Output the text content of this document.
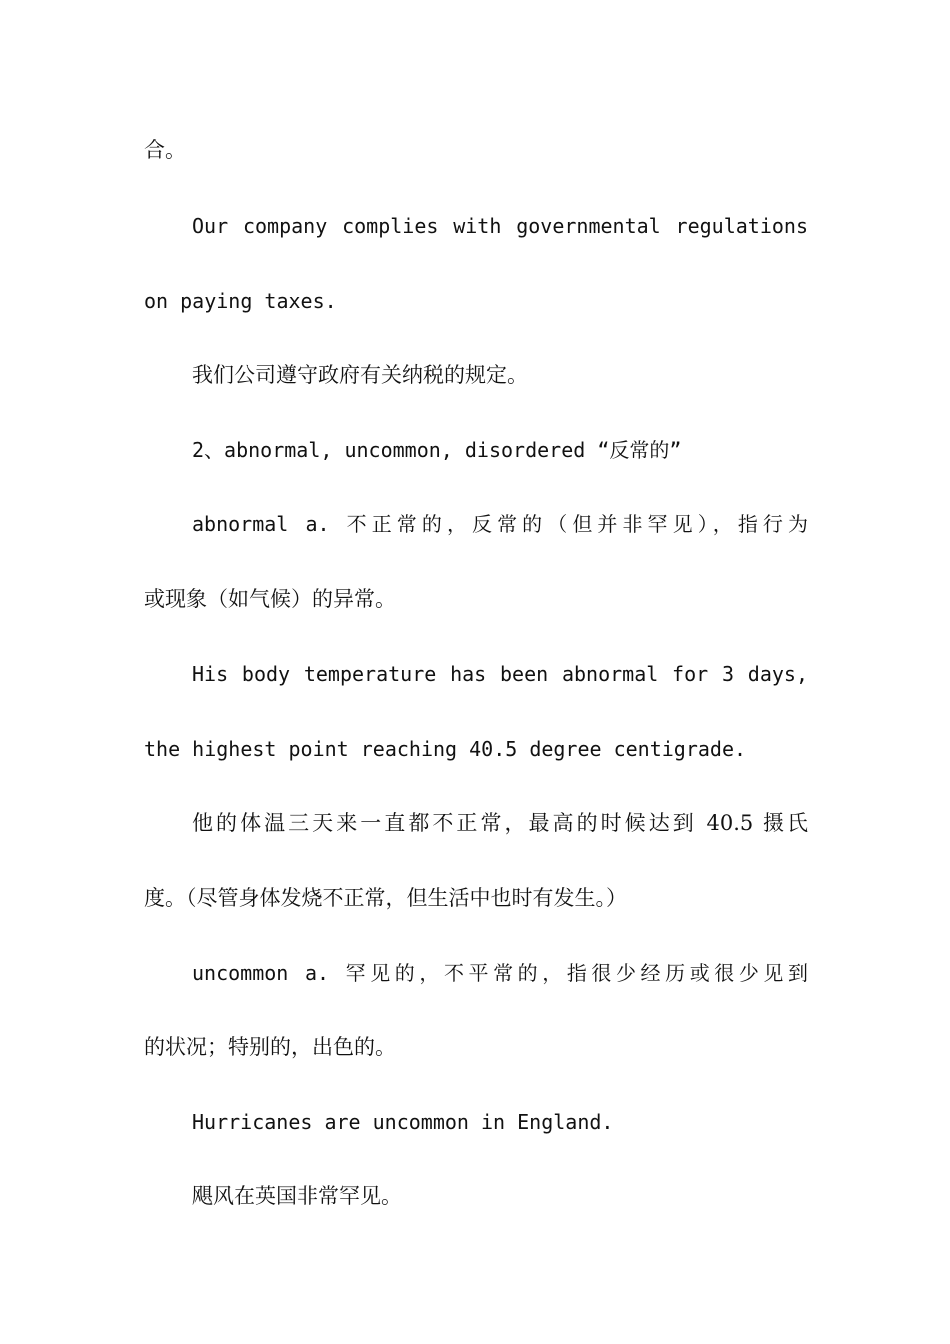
合。
Our company complies with governmental regulations
on paying taxes.
我们公司遵守政府有关纳税的规定。
2、abnormal, uncommon, disordered “反常的”
abnormal a. 不正常的，反常的（但并非罕见），指行为
或现象（如气候）的异常。
His body temperature has been abnormal for 3 days,
the highest point reaching 40.5 degree centigrade.
他的体温三天来一直都不正常，最高的时候达到 40.5 摄氏
度。（尽管身体发烧不正常，但生活中也时有发生。）
uncommon a. 罕见的，不平常的，指很少经历或很少见到
的状况；特别的，出色的。
Hurricanes are uncommon in England.
飓风在英国非常罕见。
